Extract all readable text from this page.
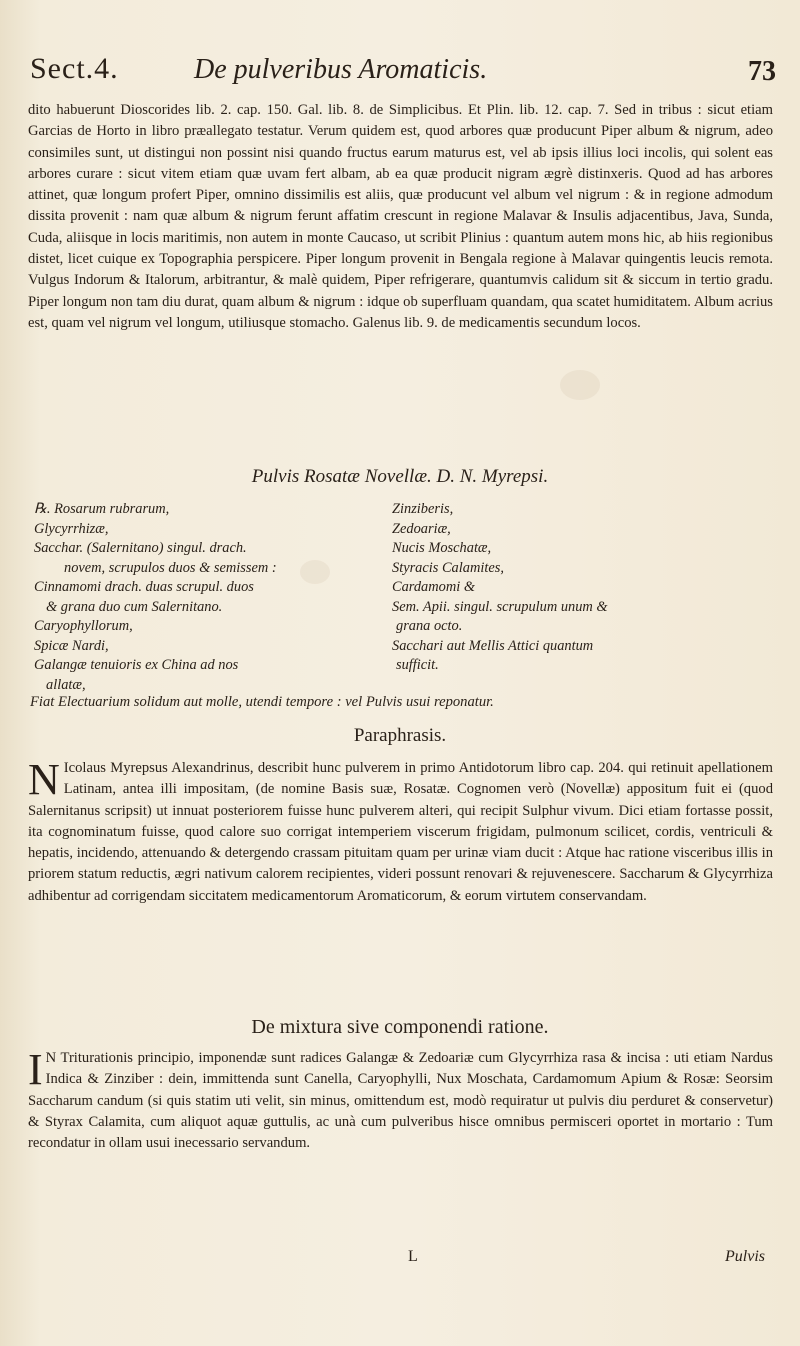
Sect.4.	De pulveribus Aromaticis.	73
dito habuerunt Dioscorides lib. 2. cap. 150. Gal. lib. 8. de Simplicibus. Et Plin. lib. 12. cap. 7. Sed in tribus : sicut etiam Garcias de Horto in libro præallegato testatur. Verum quidem est, quod arbores quæ producunt Piper album & nigrum, adeo consimiles sunt, ut distingui non possint nisi quando fructus earum maturus est, vel ab ipsis illius loci incolis, qui solent eas arbores curare : sicut vitem etiam quæ uvam fert albam, ab ea quæ producit nigram ægrè distinxeris. Quod ad has arbores attinet, quæ longum profert Piper, omnino dissimilis est aliis, quæ producunt vel album vel nigrum : & in regione admodum dissita provenit : nam quæ album & nigrum ferunt affatim crescunt in regione Malavar & Insulis adjacentibus, Java, Sunda, Cuda, aliisque in locis maritimis, non autem in monte Caucaso, ut scribit Plinius : quantum autem mons hic, ab hiis regionibus distet, licet cuique ex Topographia perspicere. Piper longum provenit in Bengala regione à Malavar quingentis leucis remota. Vulgus Indorum & Italorum, arbitrantur, & malè quidem, Piper refrigerare, quantumvis calidum sit & siccum in tertio gradu. Piper longum non tam diu durat, quam album & nigrum : idque ob superfluam quandam, qua scatet humiditatem. Album acrius est, quam vel nigrum vel longum, utiliusque stomacho. Galenus lib. 9. de medicamentis secundum locos.
Pulvis Rosatæ Novellæ. D. N. Myrepsi.
℞. Rosarum rubrarum,
Glycyrrhizæ,
Sacchar. (Salernitano) singul. drach.
novem, scrupulos duos & semissem :
Cinnamomi drach. duas scrupul. duos
& grana duo cum Salernitano.
Caryophyllorum,
Spicæ Nardi,
Galangæ tenuioris ex China ad nos
allatæ,
Zinziberis,
Zedoariæ,
Nucis Moschatæ,
Styracis Calamites,
Cardamomi &
Sem. Apii. singul. scrupulum unum &
grana octo.
Sacchari aut Mellis Attici quantum
sufficit.
Fiat Electuarium solidum aut molle, utendi tempore : vel Pulvis usui reponatur.
Paraphrasis.
N Icolaus Myrepsus Alexandrinus, describit hunc pulverem in primo Antidotorum libro cap. 204. qui retinuit apellationem Latinam, antea illi impositam, (de nomine Basis suæ, Rosatæ. Cognomen verò (Novellæ) appositum fuit ei (quod Salernitanus scripsit) ut innuat posteriorem fuisse hunc pulverem alteri, qui recipit Sulphur vivum. Dici etiam fortasse possit, ita cognominatum fuisse, quod calore suo corrigat intemperiem viscerum frigidam, pulmonum scilicet, cordis, ventriculi & hepatis, incidendo, attenuando & detergendo crassam pituitam quam per urinæ viam ducit : Atque hac ratione visceribus illis in priorem statum reductis, ægri nativum calorem recipientes, videri possunt renovari & rejuvenescere. Saccharum & Glycyrrhiza adhibentur ad corrigendam siccitatem medicamentorum Aromaticorum, & eorum virtutem conservandam.
De mixtura sive componendi ratione.
I N Triturationis principio, imponendæ sunt radices Galangæ & Zedoariæ cum Glycyrrhiza rasa & incisa : uti etiam Nardus Indica & Zinziber : dein, immittenda sunt Canella, Caryophylli, Nux Moschata, Cardamomum Apium & Rosæ: Seorsim Saccharum candum (si quis statim uti velit, sin minus, omittendum est, modò requiratur ut pulvis diu perduret & conservetur) & Styrax Calamita, cum aliquot aquæ guttulis, ac unà cum pulveribus hisce omnibus permisceri oportet in mortario : Tum recondatur in ollam usui inecessario servandum.
L	Pulvis
